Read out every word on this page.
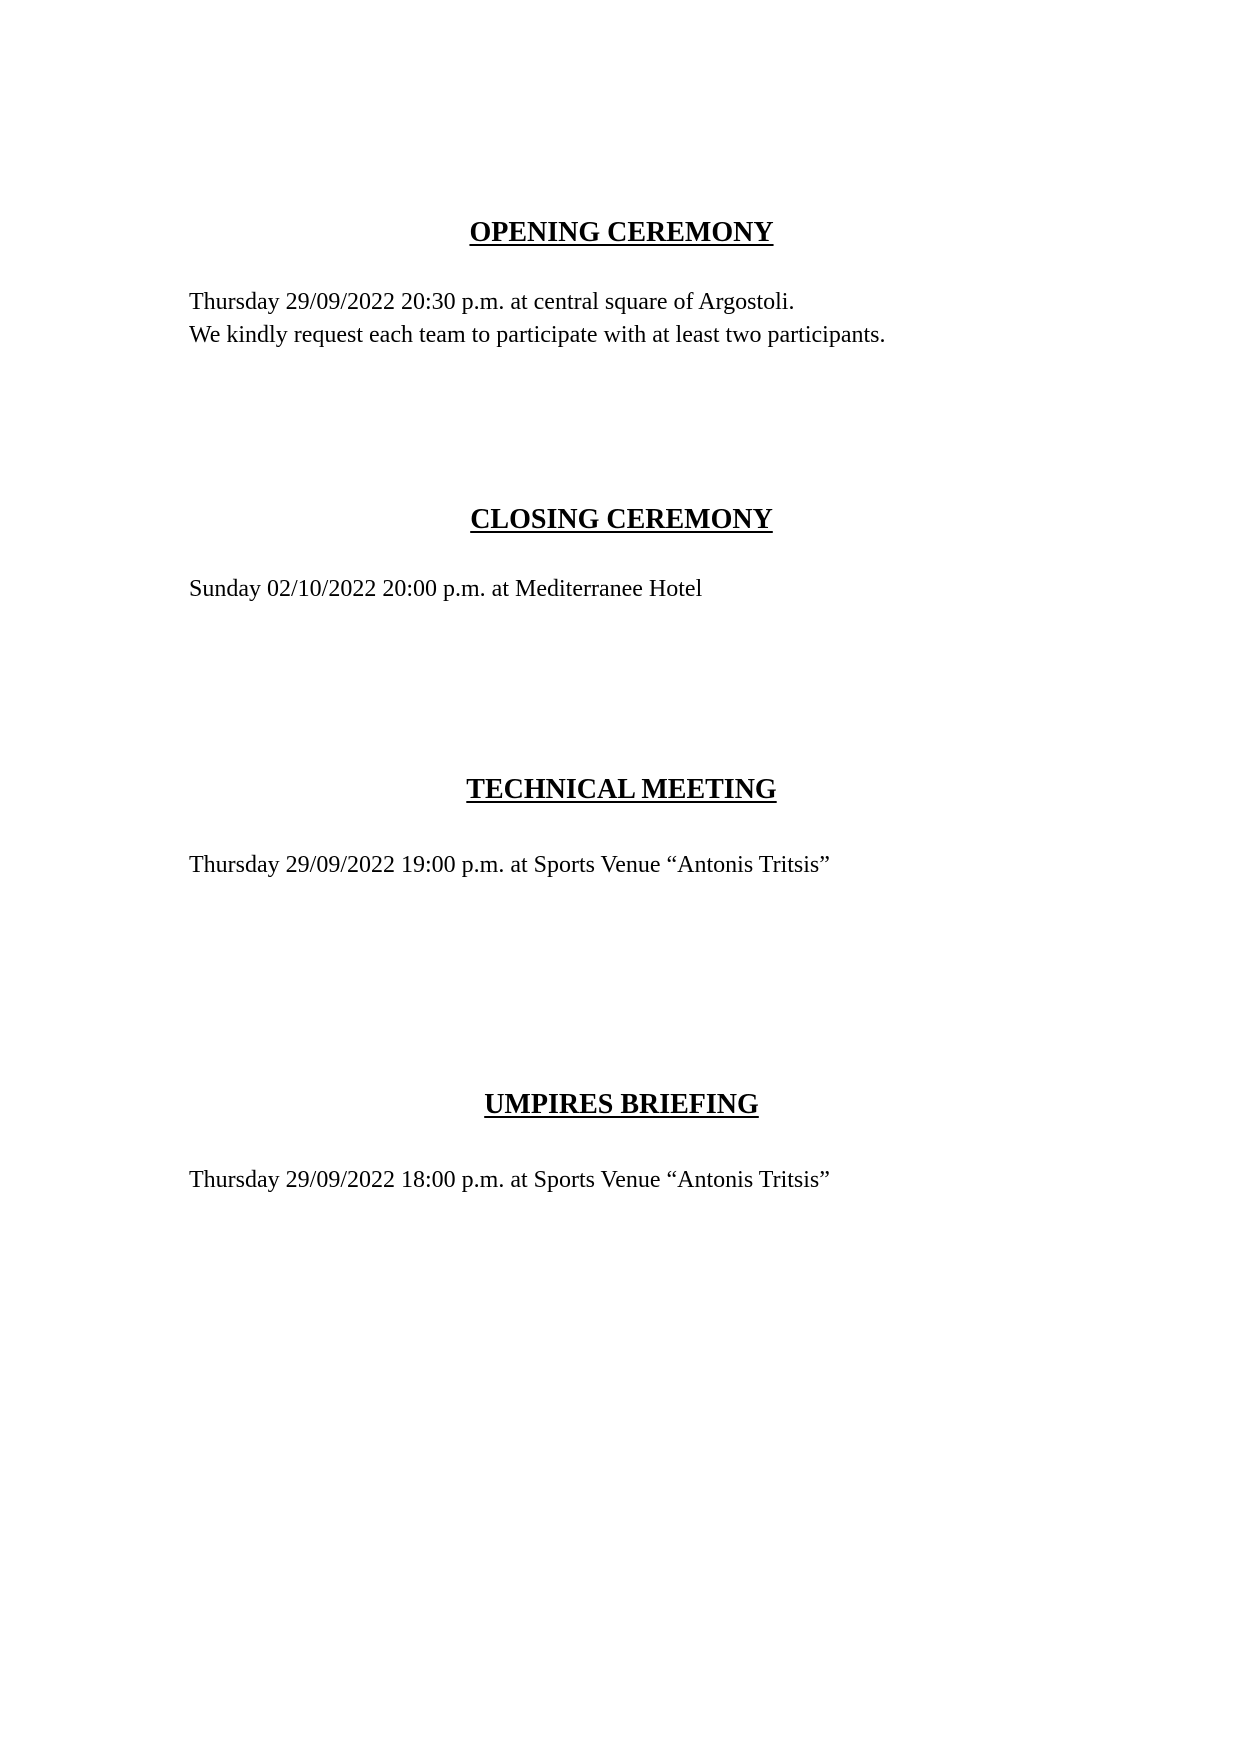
OPENING CEREMONY

Thursday 29/09/2022 20:30 p.m. at central square of Argostoli.

We kindly request each team to participate with at least two participants.

CLOSING CEREMONY

Sunday 02/10/2022 20:00 p.m. at Mediterranee Hotel

TECHNICAL MEETING

Thursday 29/09/2022 19:00 p.m. at Sports Venue “Antonis Tritsis”

UMPIRES BRIEFING

Thursday 29/09/2022 18:00 p.m. at Sports Venue “Antonis Tritsis”
